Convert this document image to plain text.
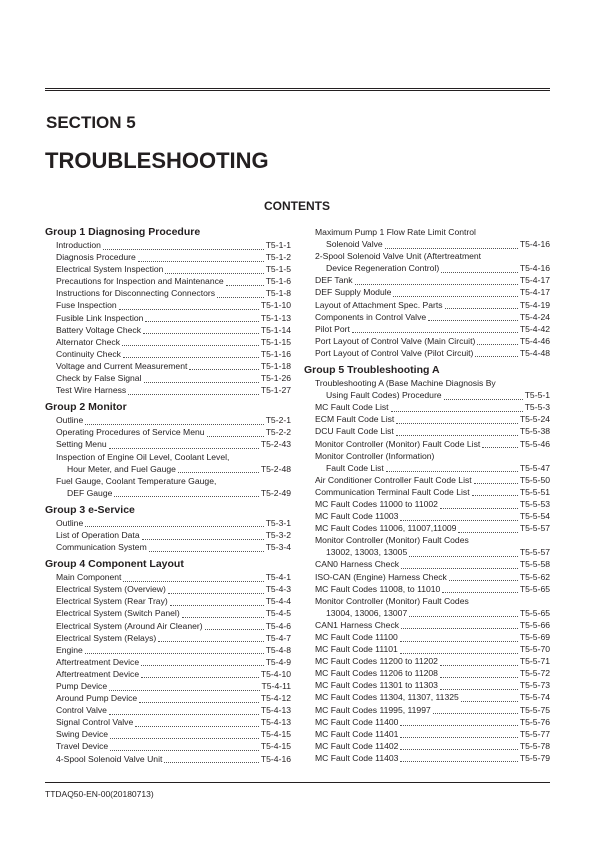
SECTION 5
TROUBLESHOOTING
CONTENTS
Group 1 Diagnosing Procedure
Introduction	T5-1-1
Diagnosis Procedure	T5-1-2
Electrical System Inspection	T5-1-5
Precautions for Inspection and Maintenance	T5-1-6
Instructions for Disconnecting Connectors	T5-1-8
Fuse Inspection	T5-1-10
Fusible Link Inspection	T5-1-13
Battery Voltage Check	T5-1-14
Alternator Check	T5-1-15
Continuity Check	T5-1-16
Voltage and Current Measurement	T5-1-18
Check by False Signal	T5-1-26
Test Wire Harness	T5-1-27
Group 2 Monitor
Outline	T5-2-1
Operating Procedures of Service Menu	T5-2-2
Setting Menu	T5-2-43
Inspection of Engine Oil Level, Coolant Level,
Hour Meter, and Fuel Gauge	T5-2-48
Fuel Gauge, Coolant Temperature Gauge,
DEF Gauge	T5-2-49
Group 3 e-Service
Outline	T5-3-1
List of Operation Data	T5-3-2
Communication System	T5-3-4
Group 4 Component Layout
Main Component	T5-4-1
Electrical System (Overview)	T5-4-3
Electrical System (Rear Tray)	T5-4-4
Electrical System (Switch Panel)	T5-4-5
Electrical System (Around Air Cleaner)	T5-4-6
Electrical System (Relays)	T5-4-7
Engine	T5-4-8
Aftertreatment Device	T5-4-9
Aftertreatment Device	T5-4-10
Pump Device	T5-4-11
Around Pump Device	T5-4-12
Control Valve	T5-4-13
Signal Control Valve	T5-4-13
Swing Device	T5-4-15
Travel Device	T5-4-15
4-Spool Solenoid Valve Unit	T5-4-16
Maximum Pump 1 Flow Rate Limit Control
Solenoid Valve	T5-4-16
2-Spool Solenoid Valve Unit (Aftertreatment
Device Regeneration Control)	T5-4-16
DEF Tank	T5-4-17
DEF Supply Module	T5-4-17
Layout of Attachment Spec. Parts	T5-4-19
Components in Control Valve	T5-4-24
Pilot Port	T5-4-42
Port Layout of Control Valve (Main Circuit)	T5-4-46
Port Layout of Control Valve (Pilot Circuit)	T5-4-48
Group 5 Troubleshooting A
Troubleshooting A (Base Machine Diagnosis By
Using Fault Codes) Procedure	T5-5-1
MC Fault Code List	T5-5-3
ECM Fault Code List	T5-5-24
DCU Fault Code List	T5-5-38
Monitor Controller (Monitor) Fault Code List	T5-5-46
Monitor Controller (Information)
Fault Code List	T5-5-47
Air Conditioner Controller Fault Code List	T5-5-50
Communication Terminal Fault Code List	T5-5-51
MC Fault Codes 11000 to 11002	T5-5-53
MC Fault Code 11003	T5-5-54
MC Fault Codes 11006, 11007,11009	T5-5-57
Monitor Controller (Monitor) Fault Codes
13002, 13003, 13005	T5-5-57
CAN0 Harness Check	T5-5-58
ISO-CAN (Engine) Harness Check	T5-5-62
MC Fault Codes 11008, to 11010	T5-5-65
Monitor Controller (Monitor) Fault Codes
13004, 13006, 13007	T5-5-65
CAN1 Harness Check	T5-5-66
MC Fault Code 11100	T5-5-69
MC Fault Code 11101	T5-5-70
MC Fault Codes 11200 to 11202	T5-5-71
MC Fault Codes 11206 to 11208	T5-5-72
MC Fault Codes 11301 to 11303	T5-5-73
MC Fault Codes 11304, 11307, 11325	T5-5-74
MC Fault Codes 11995, 11997	T5-5-75
MC Fault Code 11400	T5-5-76
MC Fault Code 11401	T5-5-77
MC Fault Code 11402	T5-5-78
MC Fault Code 11403	T5-5-79
TTDAQ50-EN-00(20180713)
